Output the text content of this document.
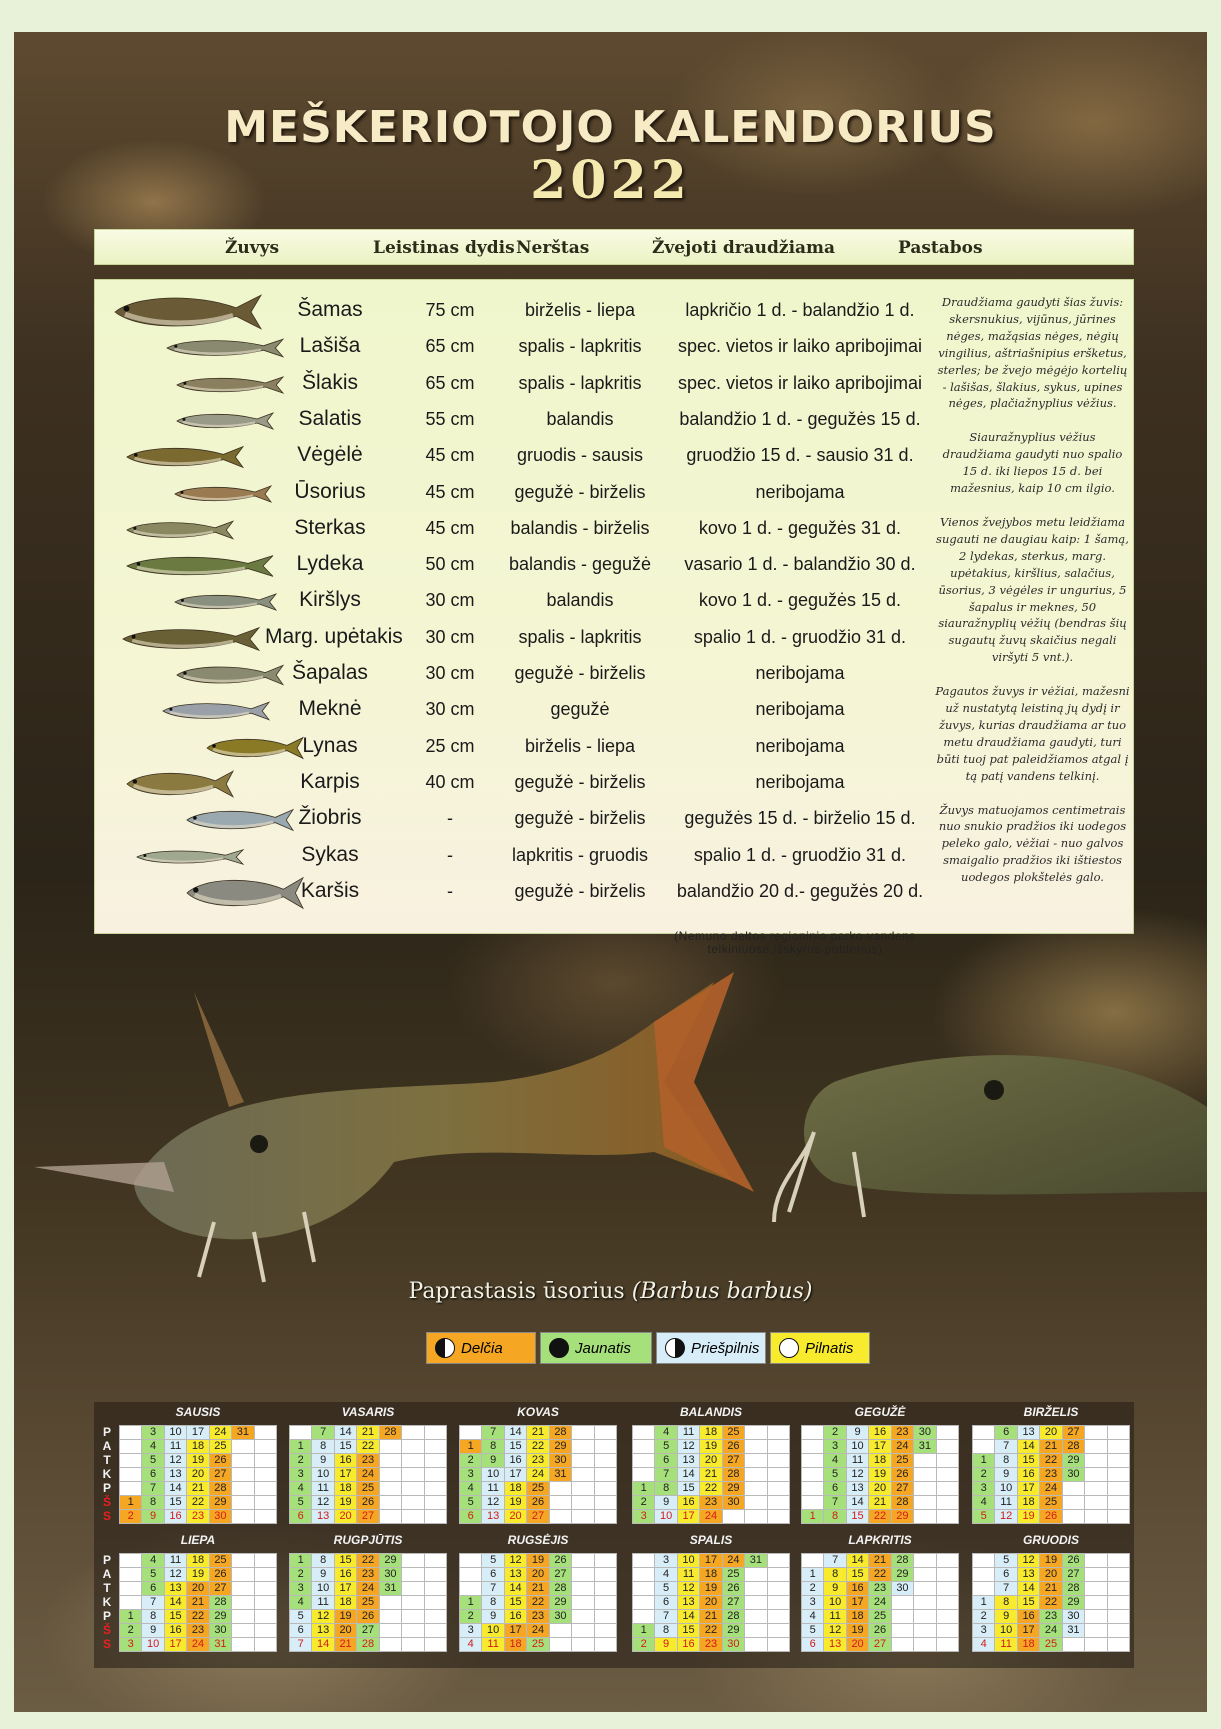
MEŠKERIOTOJO KALENDORIUS
2022
Žuvys	Leistinas dydis Nerštas	Žvejoti draudžiama	Pastabos
Šamas	75 cm	birželis - liepa	lapkričio 1 d. - balandžio 1 d.
Lašiša	65 cm	spalis - lapkritis	spec. vietos ir laiko apribojimai
Šlakis	65 cm	spalis - lapkritis	spec. vietos ir laiko apribojimai
Salatis	55 cm	balandis	balandžio 1 d. - gegužės 15 d.
Vėgėlė	45 cm	gruodis - sausis	gruodžio 15 d. - sausio 31 d.
Ūsorius	45 cm	gegužė - birželis	neribojama
Sterkas	45 cm	balandis - birželis	kovo 1 d. - gegužės 31 d.
Lydeka	50 cm	balandis - gegužė	vasario 1 d. - balandžio 30 d.
Kiršlys	30 cm	balandis	kovo 1 d. - gegužės 15 d.
Marg. upėtakis	30 cm	spalis - lapkritis	spalio 1 d. - gruodžio 31 d.
Šapalas	30 cm	gegužė - birželis	neribojama
Meknė	30 cm	gegužė	neribojama
Lynas	25 cm	birželis - liepa	neribojama
Karpis	40 cm	gegužė - birželis	neribojama
Žiobris	-	gegužė - birželis	gegužės 15 d. - birželio 15 d.
Sykas	-	lapkritis - gruodis	spalio 1 d. - gruodžio 31 d.
Karšis	-	gegužė - birželis	balandžio 20 d.- gegužės 20 d.
(Nemuno deltos regioninio parko vandens telkiniuose,išskyrus polderius)

Draudžiama gaudyti šias žuvis: skersnukius, vijūnus, jūrines nėges, mažąsias nėges, nėgių vingilius, aštriašnipius eršketus, sterles; be žvejo mėgėjo kortelių - lašišas, šlakius, sykus, upines nėges, plačiažnyplius vėžius.

Siauražnyplius vėžius draudžiama gaudyti nuo spalio 15 d. iki liepos 15 d. bei mažesnius, kaip 10 cm ilgio.

Vienos žvejybos metu leidžiama sugauti ne daugiau kaip: 1 šamą, 2 lydekas, sterkus, marg. upėtakius, kiršlius, salačius, ūsorius, 3 vėgėles ir ungurius, 5 šapalus ir meknes, 50 siauražnyplių vėžių (bendras šių sugautų žuvų skaičius negali viršyti 5 vnt.).

Pagautos žuvys ir vėžiai, mažesni už nustatytą leistiną jų dydį ir žuvys, kurias draudžiama ar tuo metu draudžiama gaudyti, turi būti tuoj pat paleidžiamos atgal į tą patį vandens telkinį.

Žuvys matuojamos centimetrais nuo snukio pradžios iki uodegos peleko galo, vėžiai - nuo galvos smaigalio pradžios iki ištiestos uodegos plokštelės galo.

Paprastasis ūsorius (Barbus barbus)
Delčia	Jaunatis	Priešpilnis	Pilnatis
P
A
T
K
P
Š
S
P
A
T
K
P
Š
S
SAUSIS
	3	10	17	24	31	
	4	11	18	25		
	5	12	19	26		
	6	13	20	27		
	7	14	21	28		
1	8	15	22	29		
2	9	16	23	30		
VASARIS
	7	14	21	28		
1	8	15	22			
2	9	16	23			
3	10	17	24			
4	11	18	25			
5	12	19	26			
6	13	20	27			
KOVAS
	7	14	21	28		
1	8	15	22	29		
2	9	16	23	30		
3	10	17	24	31		
4	11	18	25			
5	12	19	26			
6	13	20	27			
BALANDIS
	4	11	18	25		
	5	12	19	26		
	6	13	20	27		
	7	14	21	28		
1	8	15	22	29		
2	9	16	23	30		
3	10	17	24			
GEGUŽĖ
	2	9	16	23	30	
	3	10	17	24	31	
	4	11	18	25		
	5	12	19	26		
	6	13	20	27		
	7	14	21	28		
1	8	15	22	29		
BIRŽELIS
	6	13	20	27		
	7	14	21	28		
1	8	15	22	29		
2	9	16	23	30		
3	10	17	24			
4	11	18	25			
5	12	19	26			
LIEPA
	4	11	18	25		
	5	12	19	26		
	6	13	20	27		
	7	14	21	28		
1	8	15	22	29		
2	9	16	23	30		
3	10	17	24	31		
RUGPJŪTIS
1	8	15	22	29		
2	9	16	23	30		
3	10	17	24	31		
4	11	18	25			
5	12	19	26			
6	13	20	27			
7	14	21	28			
RUGSĖJIS
	5	12	19	26		
	6	13	20	27		
	7	14	21	28		
1	8	15	22	29		
2	9	16	23	30		
3	10	17	24			
4	11	18	25			
SPALIS
	3	10	17	24	31	
	4	11	18	25		
	5	12	19	26		
	6	13	20	27		
	7	14	21	28		
1	8	15	22	29		
2	9	16	23	30		
LAPKRITIS
	7	14	21	28		
1	8	15	22	29		
2	9	16	23	30		
3	10	17	24			
4	11	18	25			
5	12	19	26			
6	13	20	27			
GRUODIS
	5	12	19	26		
	6	13	20	27		
	7	14	21	28		
1	8	15	22	29		
2	9	16	23	30		
3	10	17	24	31		
4	11	18	25			
